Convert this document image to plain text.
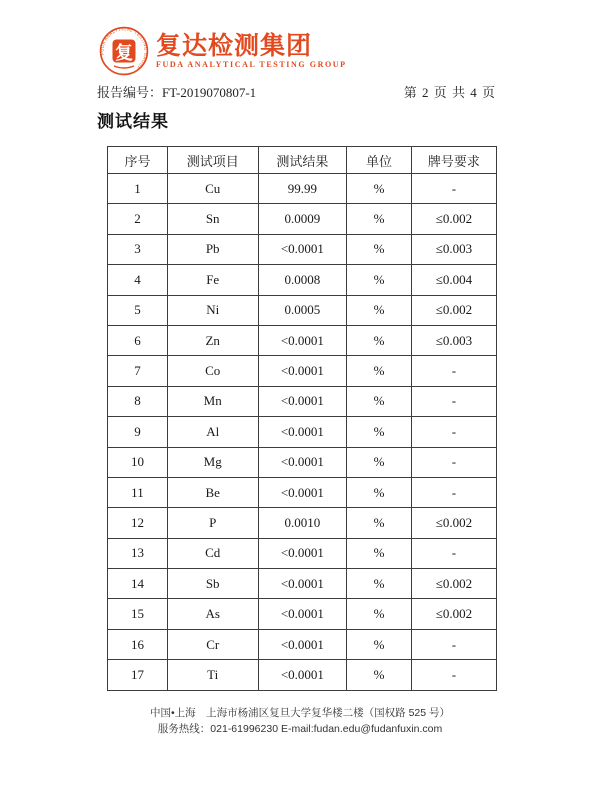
FUDA ANALYTICAL TESTING GROUP
复 复达检测集团
FUDA ANALYTICAL TESTING GROUP
报告编号：FT-2019070807-1	第 2 页 共 4 页
测试结果
序号	测试项目	测试结果	单位	牌号要求
1	Cu	99.99	%	-
2	Sn	0.0009	%	≤0.002
3	Pb	<0.0001	%	≤0.003
4	Fe	0.0008	%	≤0.004
5	Ni	0.0005	%	≤0.002
6	Zn	<0.0001	%	≤0.003
7	Co	<0.0001	%	-
8	Mn	<0.0001	%	-
9	Al	<0.0001	%	-
10	Mg	<0.0001	%	-
11	Be	<0.0001	%	-
12	P	0.0010	%	≤0.002
13	Cd	<0.0001	%	-
14	Sb	<0.0001	%	≤0.002
15	As	<0.0001	%	≤0.002
16	Cr	<0.0001	%	-
17	Ti	<0.0001	%	-
中国•上海　上海市杨浦区复旦大学复华楼二楼（国权路 525 号）
服务热线：021-61996230 E-mail:fudan.edu@fudanfuxin.com
